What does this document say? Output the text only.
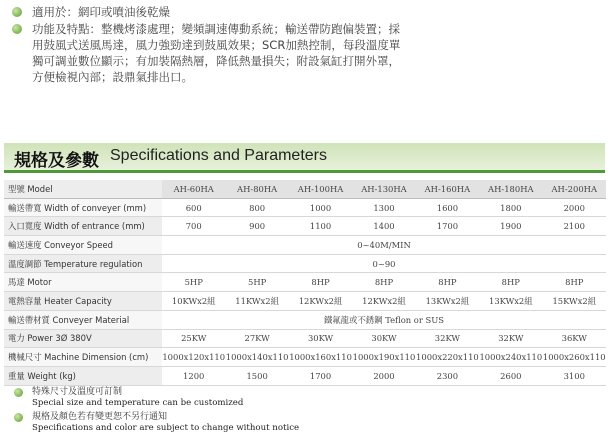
適用於：網印或噴油後乾燥
功能及特點：整機烤漆處理；變頻調速傳動系統；輸送帶防跑偏裝置；採用鼓風式送風馬達，風力強勁達到鼓風效果；SCR加熱控制，每段溫度單獨可調並數位顯示；有加裝隔熱層，降低熱量損失；附設氣缸打開外罩，方便檢視內部；設鼎氣排出口。
規格及參數 Specifications and Parameters
型號 Model	AH-60HA	AH-80HA	AH-100HA	AH-130HA	AH-160HA	AH-180HA	AH-200HA
輸送帶寬 Width of conveyer (mm)	600	800	1000	1300	1600	1800	2000
入口寬度 Width of entrance (mm)	700	900	1100	1400	1700	1900	2100
輸送速度 Conveyor Speed	0~40M/MIN						
溫度調節 Temperature regulation	0~90						
馬達 Motor	5HP	5HP	8HP	8HP	8HP	8HP	8HP
電熱容量 Heater Capacity	10KWx2組	11KWx2組	12KWx2組	12KWx2組	13KWx2組	13KWx2組	15KWx2組
輸送帶材質 Conveyer Material	鐵氟龍或不銹鋼 Teflon or SUS						
電力 Power 3Ø 380V	25KW	27KW	30KW	30KW	32KW	32KW	36KW
機械尺寸 Machine Dimension (cm)	1000x120x110	1000x140x110	1000x160x110	1000x190x110	1000x220x110	1000x240x110	1000x260x110
重量 Weight (kg)	1200	1500	1700	2000	2300	2600	3100
特殊尺寸及溫度可訂制
Special size and temperature can be customized
規格及顏色若有變更恕不另行通知
Specifications and color are subject to change without notice
